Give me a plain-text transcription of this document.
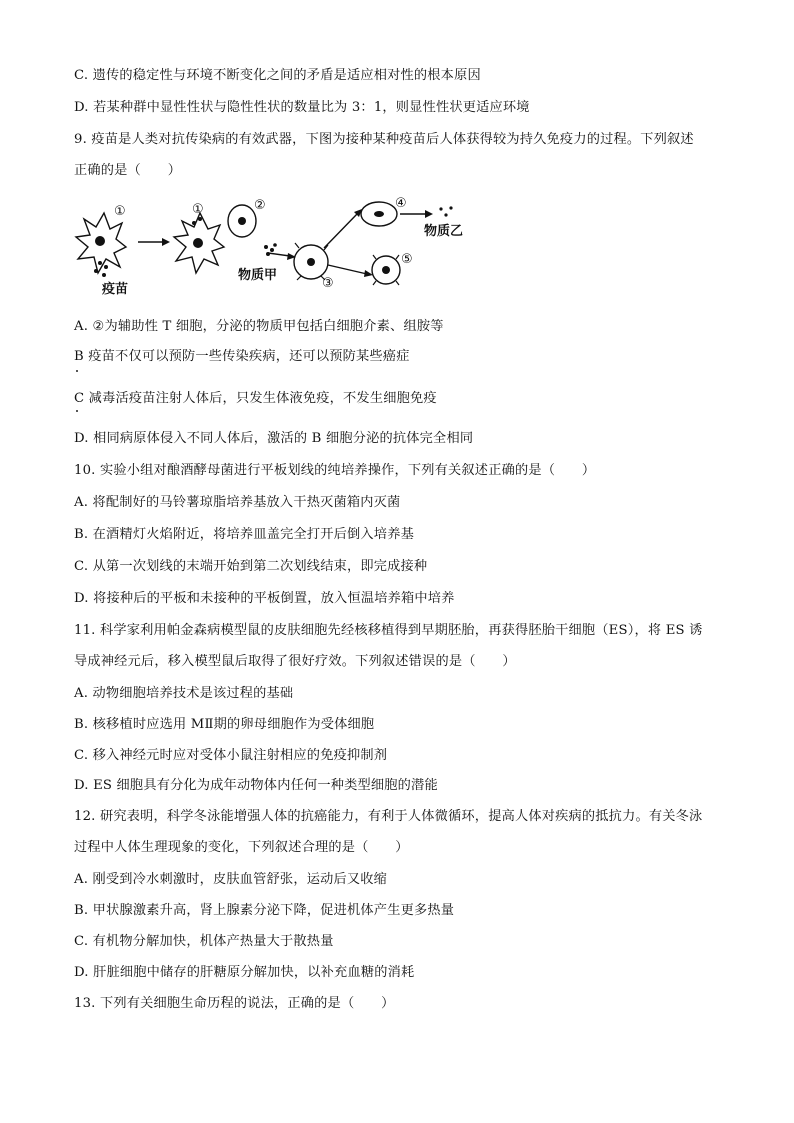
C. 遗传的稳定性与环境不断变化之间的矛盾是适应相对性的根本原因
D. 若某种群中显性性状与隐性性状的数量比为 3：1，则显性性状更适应环境
9. 疫苗是人类对抗传染病的有效武器，下图为接种某种疫苗后人体获得较为持久免疫力的过程。下列叙述
正确的是（　　）
①	①	②
③
④
⑤
疫苗
物质甲
物质乙
A. ②为辅助性 T 细胞，分泌的物质甲包括白细胞介素、组胺等
B 疫苗不仅可以预防一些传染疾病，还可以预防某些癌症
C 减毒活疫苗注射人体后，只发生体液免疫，不发生细胞免疫
D. 相同病原体侵入不同人体后，激活的 B 细胞分泌的抗体完全相同
10. 实验小组对酿酒酵母菌进行平板划线的纯培养操作，下列有关叙述正确的是（　　）
A. 将配制好的马铃薯琼脂培养基放入干热灭菌箱内灭菌
B. 在酒精灯火焰附近，将培养皿盖完全打开后倒入培养基
C. 从第一次划线的末端开始到第二次划线结束，即完成接种
D. 将接种后的平板和未接种的平板倒置，放入恒温培养箱中培养
11. 科学家利用帕金森病模型鼠的皮肤细胞先经核移植得到早期胚胎，再获得胚胎干细胞（ES），将 ES 诱
导成神经元后，移入模型鼠后取得了很好疗效。下列叙述错误的是（　　）
A. 动物细胞培养技术是该过程的基础
B. 核移植时应选用 MⅡ期的卵母细胞作为受体细胞
C. 移入神经元时应对受体小鼠注射相应的免疫抑制剂
D. ES 细胞具有分化为成年动物体内任何一种类型细胞的潜能
12. 研究表明，科学冬泳能增强人体的抗癌能力，有利于人体微循环，提高人体对疾病的抵抗力。有关冬泳
过程中人体生理现象的变化，下列叙述合理的是（　　）
A. 刚受到冷水刺激时，皮肤血管舒张，运动后又收缩
B. 甲状腺激素升高，肾上腺素分泌下降，促进机体产生更多热量
C. 有机物分解加快，机体产热量大于散热量
D. 肝脏细胞中储存的肝糖原分解加快，以补充血糖的消耗
13. 下列有关细胞生命历程的说法，正确的是（　　）
